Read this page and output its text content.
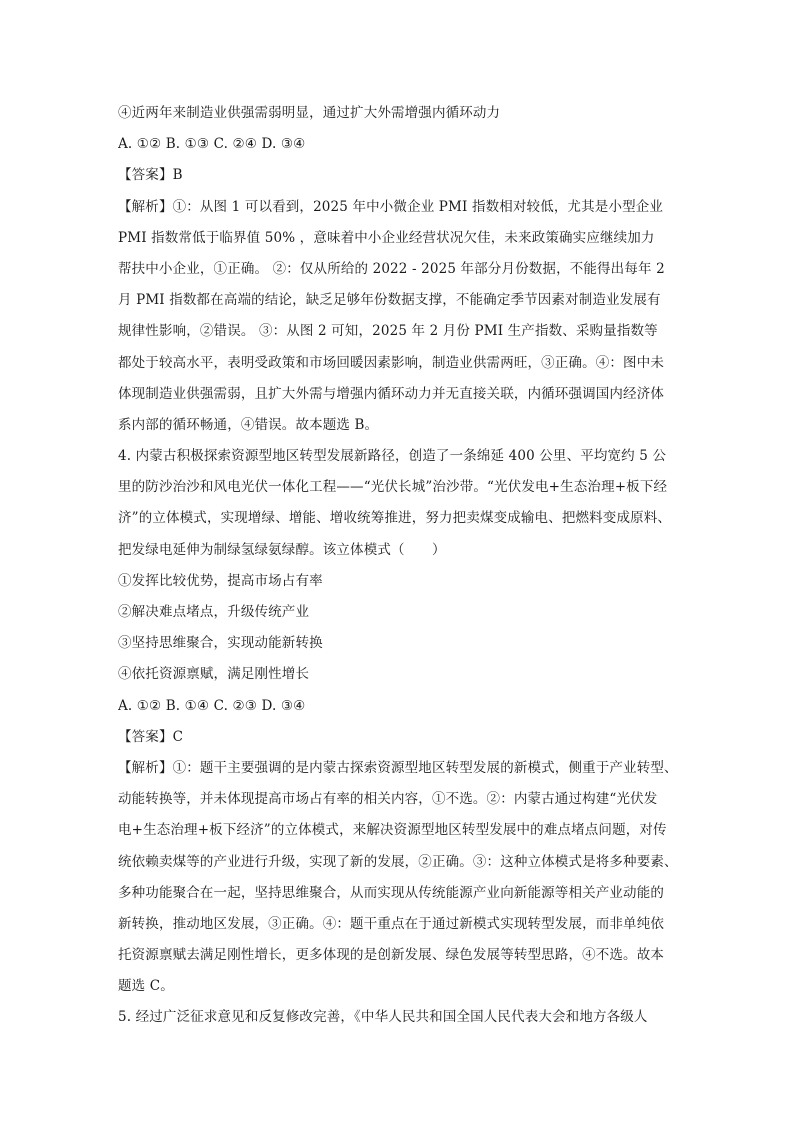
④近两年来制造业供强需弱明显，通过扩大外需增强内循环动力
A. ①② B. ①③ C. ②④ D. ③④
【答案】B
【解析】①：从图 1 可以看到，2025 年中小微企业 PMI 指数相对较低，尤其是小型企业
PMI 指数常低于临界值 50% ，意味着中小企业经营状况欠佳，未来政策确实应继续加力
帮扶中小企业，①正确。 ②：仅从所给的 2022 - 2025 年部分月份数据，不能得出每年 2
月 PMI 指数都在高端的结论，缺乏足够年份数据支撑，不能确定季节因素对制造业发展有
规律性影响，②错误。 ③：从图 2 可知，2025 年 2 月份 PMI 生产指数、采购量指数等
都处于较高水平，表明受政策和市场回暖因素影响，制造业供需两旺，③正确。④：图中未
体现制造业供强需弱，且扩大外需与增强内循环动力并无直接关联，内循环强调国内经济体
系内部的循环畅通，④错误。故本题选 B。
4. 内蒙古积极探索资源型地区转型发展新路径，创造了一条绵延 400 公里、平均宽约 5 公
里的防沙治沙和风电光伏一体化工程——“光伏长城”治沙带。“光伏发电+生态治理+板下经
济”的立体模式，实现增绿、增能、增收统筹推进，努力把卖煤变成输电、把燃料变成原料、
把发绿电延伸为制绿氢绿氨绿醇。该立体模式（　　）
①发挥比较优势，提高市场占有率
②解决难点堵点，升级传统产业
③坚持思维聚合，实现动能新转换
④依托资源禀赋，满足刚性增长
A. ①② B. ①④ C. ②③ D. ③④
【答案】C
【解析】①：题干主要强调的是内蒙古探索资源型地区转型发展的新模式，侧重于产业转型、
动能转换等，并未体现提高市场占有率的相关内容，①不选。②：内蒙古通过构建“光伏发
电+生态治理+板下经济”的立体模式，来解决资源型地区转型发展中的难点堵点问题，对传
统依赖卖煤等的产业进行升级，实现了新的发展，②正确。③：这种立体模式是将多种要素、
多种功能聚合在一起，坚持思维聚合，从而实现从传统能源产业向新能源等相关产业动能的
新转换，推动地区发展，③正确。④：题干重点在于通过新模式实现转型发展，而非单纯依
托资源禀赋去满足刚性增长，更多体现的是创新发展、绿色发展等转型思路，④不选。故本
题选 C。
5. 经过广泛征求意见和反复修改完善，《中华人民共和国全国人民代表大会和地方各级人
